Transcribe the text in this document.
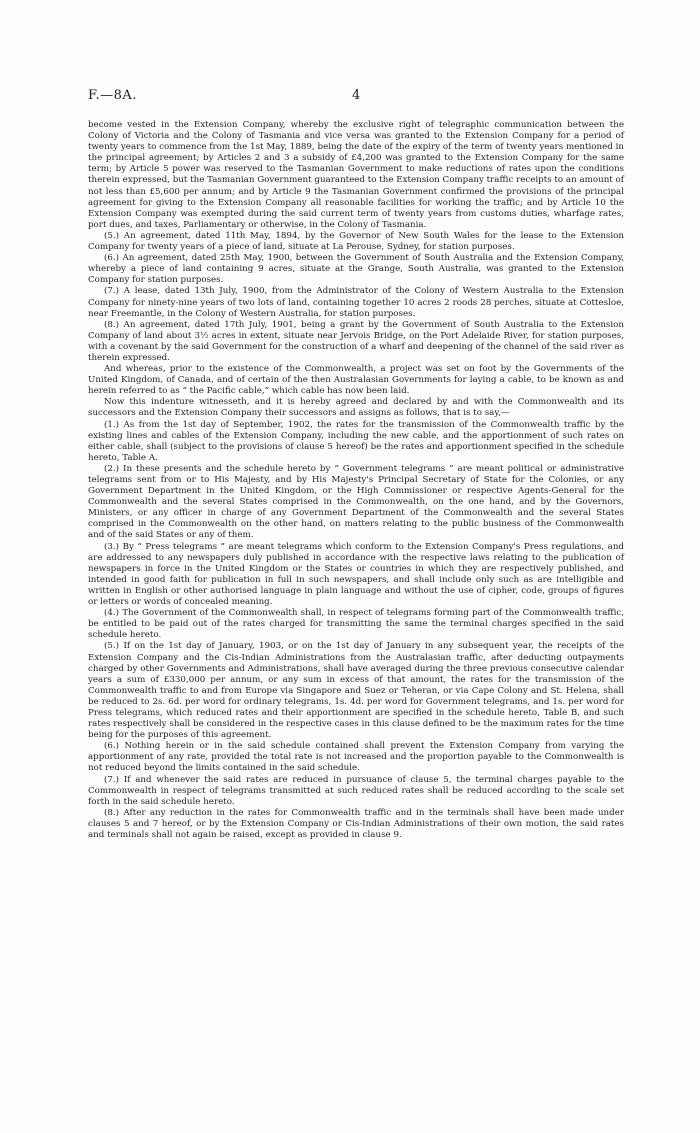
F.—8A.	4

become vested in the Extension Company, whereby the exclusive right of telegraphic communication between the Colony of Victoria and the Colony of Tasmania and vice versa was granted to the Extension Company for a period of twenty years to commence from the 1st May, 1889, being the date of the expiry of the term of twenty years mentioned in the principal agreement; by Articles 2 and 3 a subsidy of £4,200 was granted to the Extension Company for the same term; by Article 5 power was reserved to the Tasmanian Government to make reductions of rates upon the conditions therein expressed, but the Tasmanian Government guaranteed to the Extension Company traffic receipts to an amount of not less than £5,600 per annum; and by Article 9 the Tasmanian Government confirmed the provisions of the principal agreement for giving to the Extension Company all reasonable facilities for working the traffic; and by Article 10 the Extension Company was exempted during the said current term of twenty years from customs duties, wharfage rates, port dues, and taxes, Parliamentary or otherwise, in the Colony of Tasmania.

(5.) An agreement, dated 11th May, 1894, by the Governor of New South Wales for the lease to the Extension Company for twenty years of a piece of land, situate at La Perouse, Sydney, for station purposes.

(6.) An agreement, dated 25th May, 1900, between the Government of South Australia and the Extension Company, whereby a piece of land containing 9 acres, situate at the Grange, South Australia, was granted to the Extension Company for station purposes.

(7.) A lease, dated 13th July, 1900, from the Administrator of the Colony of Western Australia to the Extension Company for ninety-nine years of two lots of land, containing together 10 acres 2 roods 28 perches, situate at Cottesloe, near Freemantle, in the Colony of Western Australia, for station purposes.

(8.) An agreement, dated 17th July, 1901, being a grant by the Government of South Australia to the Extension Company of land about 3½ acres in extent, situate near Jervois Bridge, on the Port Adelaide River, for station purposes, with a covenant by the said Government for the construction of a wharf and deepening of the channel of the said river as therein expressed.

And whereas, prior to the existence of the Commonwealth, a project was set on foot by the Governments of the United Kingdom, of Canada, and of certain of the then Australasian Governments for laying a cable, to be known as and herein referred to as “ the Pacific cable,” which cable has now been laid.

Now this indenture witnesseth, and it is hereby agreed and declared by and with the Commonwealth and its successors and the Extension Company their successors and assigns as follows, that is to say,—

(1.) As from the 1st day of September, 1902, the rates for the transmission of the Commonwealth traffic by the existing lines and cables of the Extension Company, including the new cable, and the apportionment of such rates on either cable, shall (subject to the provisions of clause 5 hereof) be the rates and apportionment specified in the schedule hereto, Table A.

(2.) In these presents and the schedule hereto by “ Government telegrams ” are meant political or administrative telegrams sent from or to His Majesty, and by His Majesty's Principal Secretary of State for the Colonies, or any Government Department in the United Kingdom, or the High Commissioner or respective Agents-General for the Commonwealth and the several States comprised in the Commonwealth, on the one hand, and by the Governors, Ministers, or any officer in charge of any Government Department of the Commonwealth and the several States comprised in the Commonwealth on the other hand, on matters relating to the public business of the Commonwealth and of the said States or any of them.

(3.) By “ Press telegrams ” are meant telegrams which conform to the Extension Company's Press regulations, and are addressed to any newspapers duly published in accordance with the respective laws relating to the publication of newspapers in force in the United Kingdom or the States or countries in which they are respectively published, and intended in good faith for publication in full in such newspapers, and shall include only such as are intelligible and written in English or other authorised language in plain language and without the use of cipher, code, groups of figures or letters or words of concealed meaning.

(4.) The Government of the Commonwealth shall, in respect of telegrams forming part of the Commonwealth traffic, be entitled to be paid out of the rates charged for transmitting the same the terminal charges specified in the said schedule hereto.

(5.) If on the 1st day of January, 1903, or on the 1st day of January in any subsequent year, the receipts of the Extension Company and the Cis-Indian Administrations from the Australasian traffic, after deducting outpayments charged by other Governments and Administrations, shall have averaged during the three previous consecutive calendar years a sum of £330,000 per annum, or any sum in excess of that amount, the rates for the transmission of the Commonwealth traffic to and from Europe via Singapore and Suez or Teheran, or via Cape Colony and St. Helena, shall be reduced to 2s. 6d. per word for ordinary telegrams, 1s. 4d. per word for Government telegrams, and 1s. per word for Press telegrams, which reduced rates and their apportionment are specified in the schedule hereto, Table B, and such rates respectively shall be considered in the respective cases in this clause defined to be the maximum rates for the time being for the purposes of this agreement.

(6.) Nothing herein or in the said schedule contained shall prevent the Extension Company from varying the apportionment of any rate, provided the total rate is not increased and the proportion payable to the Commonwealth is not reduced beyond the limits contained in the said schedule.

(7.) If and whenever the said rates are reduced in pursuance of clause 5, the terminal charges payable to the Commonwealth in respect of telegrams transmitted at such reduced rates shall be reduced according to the scale set forth in the said schedule hereto.

(8.) After any reduction in the rates for Commonwealth traffic and in the terminals shall have been made under clauses 5 and 7 hereof, or by the Extension Company or Cis-Indian Administrations of their own motion, the said rates and terminals shall not again be raised, except as provided in clause 9.
